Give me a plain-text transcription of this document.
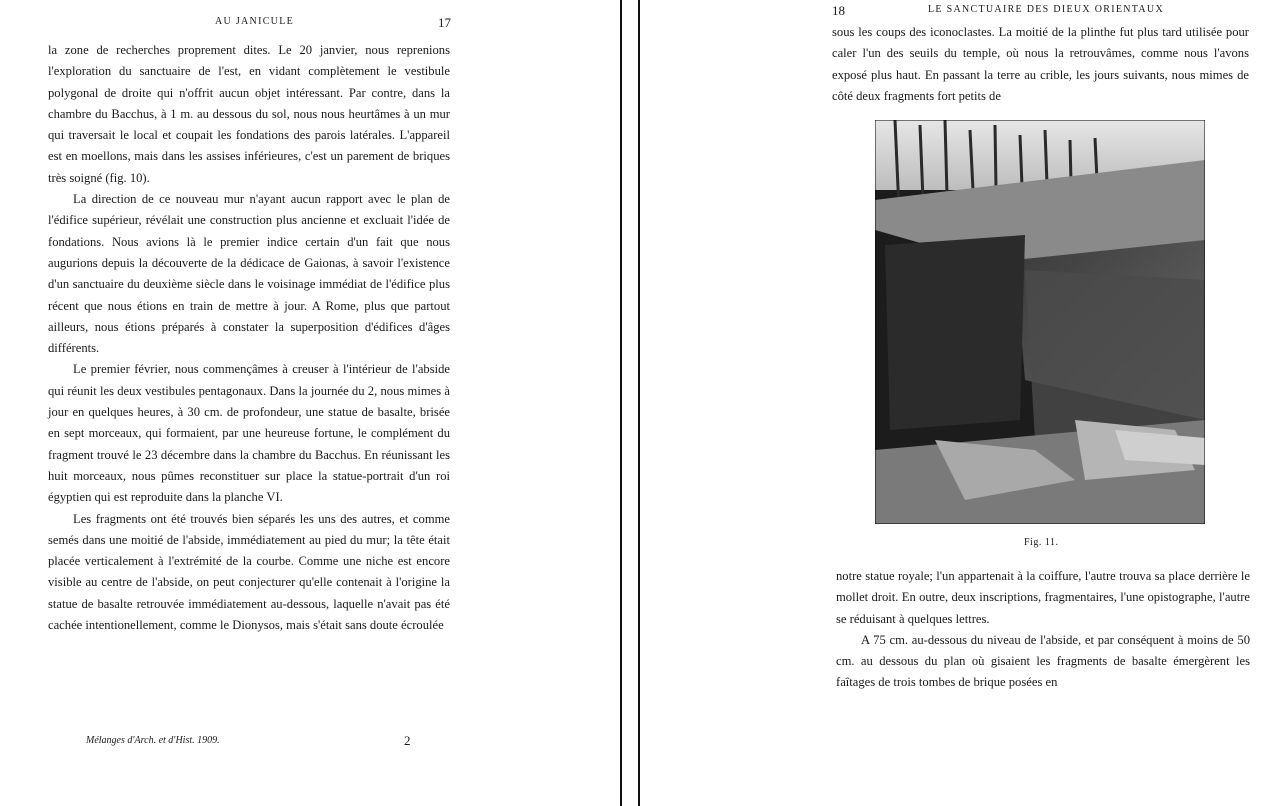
AU JANICULE	17

la zone de recherches proprement dites. Le 20 janvier, nous reprenions l'exploration du sanctuaire de l'est, en vidant complètement le vestibule polygonal de droite qui n'offrit aucun objet intéressant. Par contre, dans la chambre du Bacchus, à 1 m. au dessous du sol, nous nous heurtâmes à un mur qui traversait le local et coupait les fondations des parois latérales. L'appareil est en moellons, mais dans les assises inférieures, c'est un parement de briques très soigné (fig. 10).

La direction de ce nouveau mur n'ayant aucun rapport avec le plan de l'édifice supérieur, révélait une construction plus ancienne et excluait l'idée de fondations. Nous avions là le premier indice certain d'un fait que nous augurions depuis la découverte de la dédicace de Gaionas, à savoir l'existence d'un sanctuaire du deuxième siècle dans le voisinage immédiat de l'édifice plus récent que nous étions en train de mettre à jour. A Rome, plus que partout ailleurs, nous étions préparés à constater la superposition d'édifices d'âges différents.

Le premier février, nous commençâmes à creuser à l'intérieur de l'abside qui réunit les deux vestibules pentagonaux. Dans la journée du 2, nous mimes à jour en quelques heures, à 30 cm. de profondeur, une statue de basalte, brisée en sept morceaux, qui formaient, par une heureuse fortune, le complément du fragment trouvé le 23 décembre dans la chambre du Bacchus. En réunissant les huit morceaux, nous pûmes reconstituer sur place la statue-portrait d'un roi égyptien qui est reproduite dans la planche VI.

Les fragments ont été trouvés bien séparés les uns des autres, et comme semés dans une moitié de l'abside, immédiatement au pied du mur; la tête était placée verticalement à l'extrémité de la courbe. Comme une niche est encore visible au centre de l'abside, on peut conjecturer qu'elle contenait à l'origine la statue de basalte retrouvée immédiatement au-dessous, laquelle n'avait pas été cachée intentionellement, comme le Dionysos, mais s'était sans doute écroulée

Mélanges d'Arch. et d'Hist. 1909.	2
18	LE SANCTUAIRE DES DIEUX ORIENTAUX

sous les coups des iconoclastes. La moitié de la plinthe fut plus tard utilisée pour caler l'un des seuils du temple, où nous la retrouvâmes, comme nous l'avons exposé plus haut. En passant la terre au crible, les jours suivants, nous mimes de côté deux fragments fort petits de

Fig. 11.

notre statue royale; l'un appartenait à la coiffure, l'autre trouva sa place derrière le mollet droit. En outre, deux inscriptions, fragmentaires, l'une opistographe, l'autre se réduisant à quelques lettres.

A 75 cm. au-dessous du niveau de l'abside, et par conséquent à moins de 50 cm. au dessous du plan où gisaient les fragments de basalte émergèrent les faîtages de trois tombes de brique posées en
